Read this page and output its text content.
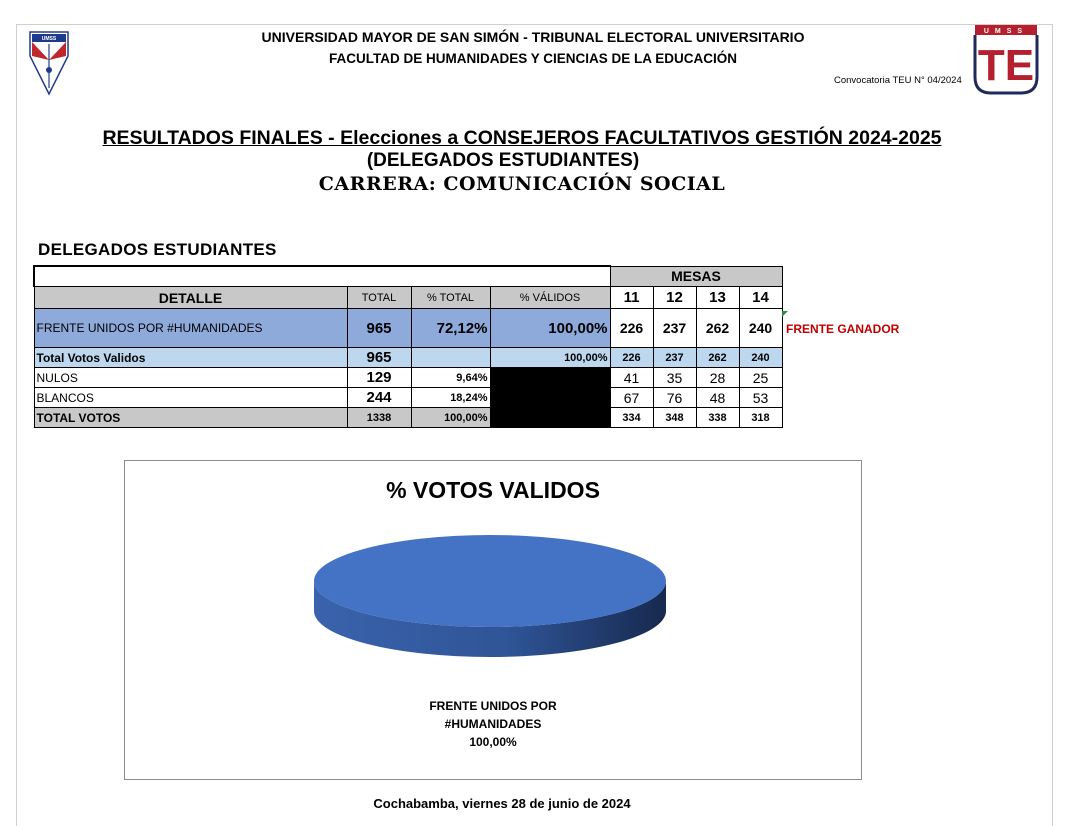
UMSS	UNIVERSIDAD MAYOR DE SAN SIMÓN - TRIBUNAL ELECTORAL UNIVERSITARIO
FACULTAD DE HUMANIDADES Y CIENCIAS DE LA EDUCACIÓN
UMSS
TE
Convocatoria TEU N° 04/2024
RESULTADOS FINALES - Elecciones a CONSEJEROS FACULTATIVOS GESTIÓN 2024-2025
(DELEGADOS ESTUDIANTES)
CARRERA: COMUNICACIÓN SOCIAL
DELEGADOS ESTUDIANTES
				MESAS			
DETALLE	TOTAL	% TOTAL	% VÁLIDOS	11	12	13	14
FRENTE UNIDOS POR #HUMANIDADES	965	72,12%	100,00%	226	237	262	240
Total Votos Validos	965		100,00%	226	237	262	240
NULOS	129	9,64%		41	35	28	25
BLANCOS	244	18,24%		67	76	48	53
TOTAL VOTOS	1338	100,00%		334	348	338	318
FRENTE GANADOR
% VOTOS VALIDOS
FRENTE UNIDOS POR
#HUMANIDADES
100,00%
Cochabamba, viernes 28 de junio de 2024
